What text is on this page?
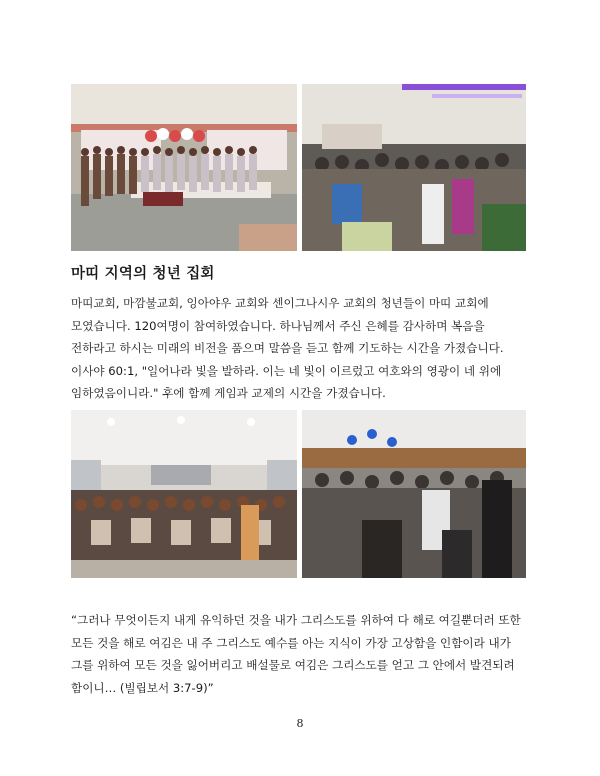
마띠 지역의 청년 집회
마띠교회, 마깜불교회, 잉아야우 교회와 센이그나시우 교회의 청년들이 마띠 교회에
모였습니다. 120여명이 참여하였습니다. 하나님께서 주신 은혜를 감사하며 복음을
전하라고 하시는 미래의 비전을 품으며 말씀을 듣고 함께 기도하는 시간을 가졌습니다.
이사야 60:1, "일어나라 빛을 발하라. 이는 네 빛이 이르렀고 여호와의 영광이 네 위에
임하였음이니라." 후에 함께 게임과 교제의 시간을 가졌습니다.
“그러나 무엇이든지 내게 유익하던 것을 내가 그리스도를 위하여 다 해로 여길뿐더러 또한
모든 것을 해로 여김은 내 주 그리스도 예수를 아는 지식이 가장 고상함을 인함이라 내가
그를 위하여 모든 것을 잃어버리고 배설물로 여김은 그리스도를 얻고 그 안에서 발견되려
함이니… (빌립보서 3:7-9)”
8
